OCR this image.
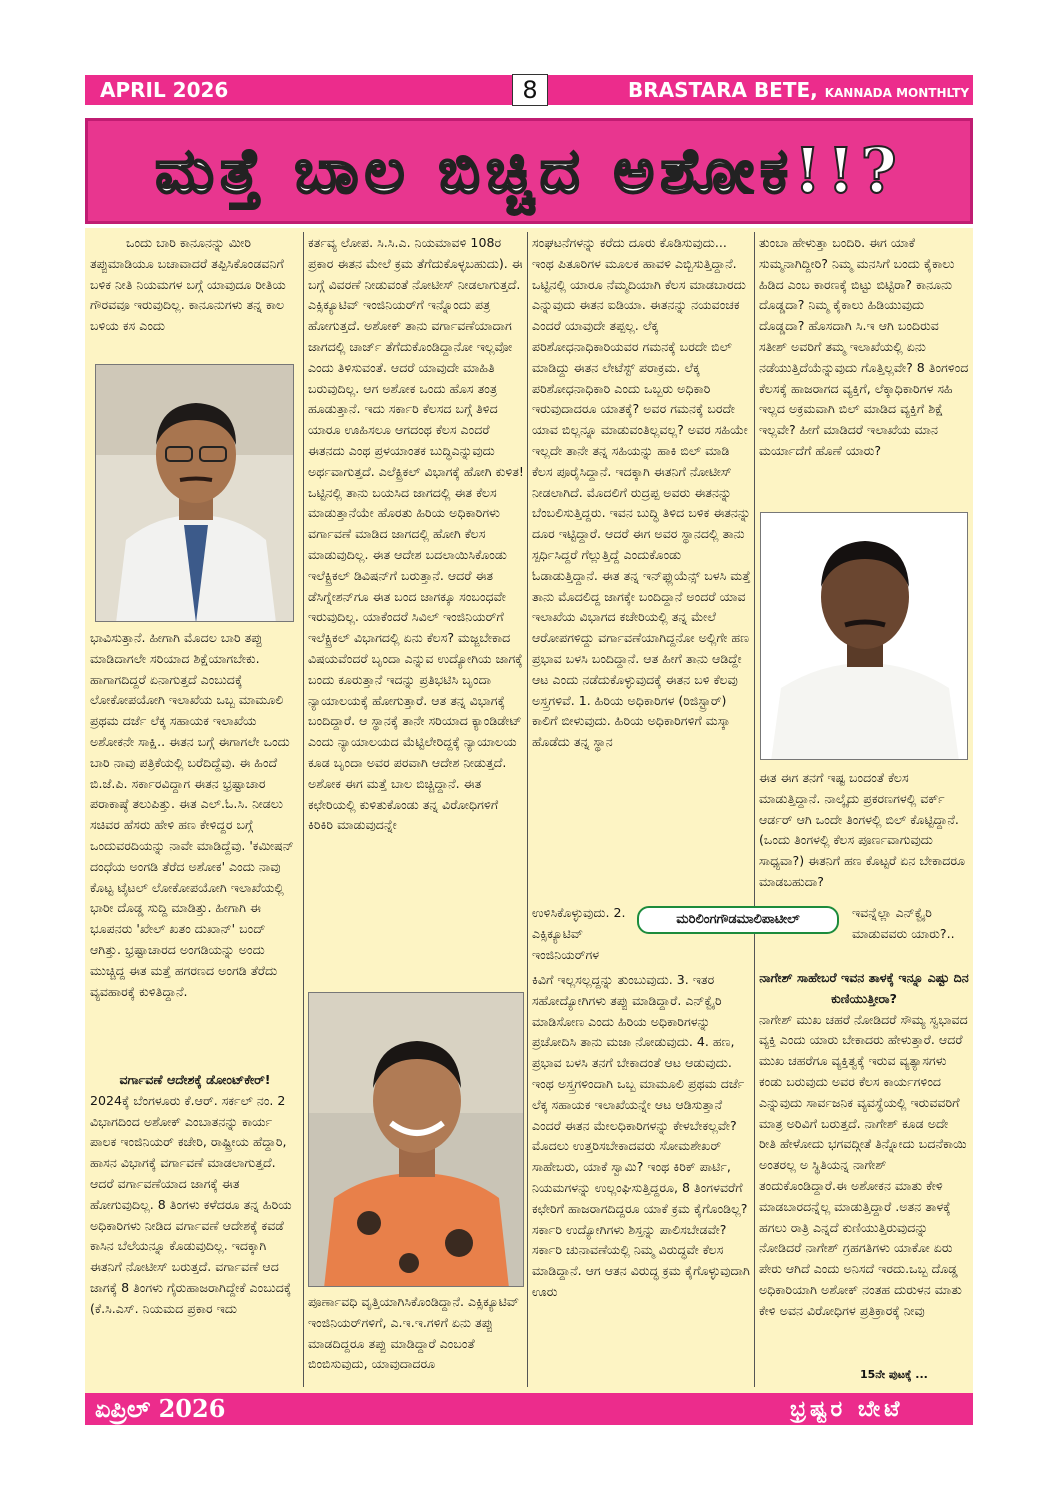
APRIL 2026	8	BRASTARA BETE, KANNADA MONTHLTY
ಮತ್ತೆ ಬಾಲ ಬಿಚ್ಚಿದ ಅಶೋಕ!!?

ಒಂದು ಬಾರಿ ಕಾನೂನನ್ನು ಮೀರಿ ತಪ್ಪುಮಾಡಿಯೂ ಬಚಾವಾದರೆ ತಪ್ಪಿಸಿಕೊಂಡವನಿಗೆ ಬಳಿಕ ನೀತಿ ನಿಯಮಗಳ ಬಗ್ಗೆ ಯಾವುದೂ ರೀತಿಯ ಗೌರವವೂ ಇರುವುದಿಲ್ಲ. ಕಾನೂನುಗಳು ತನ್ನ ಕಾಲ ಬಳಿಯ ಕಸ ಎಂದು

ಭಾವಿಸುತ್ತಾನೆ. ಹೀಗಾಗಿ ಮೊದಲ ಬಾರಿ ತಪ್ಪು ಮಾಡಿದಾಗಲೇ ಸರಿಯಾದ ಶಿಕ್ಷೆಯಾಗಬೇಕು. ಹಾಗಾಗದಿದ್ದರೆ ಏನಾಗುತ್ತದೆ ಎಂಬುದಕ್ಕೆ ಲೋಕೋಪಯೋಗಿ ಇಲಾಖೆಯ ಒಬ್ಬ ಮಾಮೂಲಿ ಪ್ರಥಮ ದರ್ಜೆ ಲೆಕ್ಕ ಸಹಾಯಕ ಇಲಾಖೆಯ ಅಶೋಕನೇ ಸಾಕ್ಷಿ.. ಈತನ ಬಗ್ಗೆ ಈಗಾಗಲೇ ಒಂದು ಬಾರಿ ನಾವು ಪತ್ರಿಕೆಯಲ್ಲಿ ಬರೆದಿದ್ದೆವು. ಈ ಹಿಂದೆ ಬಿ.ಜೆ.ಪಿ. ಸರ್ಕಾರವಿದ್ದಾಗ ಈತನ ಭ್ರಷ್ಟಾಚಾರ ಪರಾಕಾಷ್ಠೆ ತಲುಪಿತ್ತು. ಈತ ಎಲ್.ಓ.ಸಿ. ನೀಡಲು ಸಚಿವರ ಹೆಸರು ಹೇಳಿ ಹಣ ಕೇಳಿದ್ದರ ಬಗ್ಗೆ ಒಂದುವರದಿಯನ್ನು ನಾವೇ ಮಾಡಿದ್ದೆವು. 'ಕಮೀಷನ್ ದಂಧೆಯ ಅಂಗಡಿ ತೆರೆದ ಅಶೋಕ' ಎಂದು ನಾವು ಕೊಟ್ಟ ಟೈಟಲ್ ಲೋಕೋಪಯೋಗಿ ಇಲಾಖೆಯಲ್ಲಿ ಭಾರೀ ದೊಡ್ಡ ಸುದ್ದಿ ಮಾಡಿತ್ತು. ಹೀಗಾಗಿ ಈ ಭೂಪನರು 'ಖೇಲ್ ಖತಂ ದುಖಾನ್' ಬಂದ್ ಆಗಿತ್ತು. ಭ್ರಷ್ಟಾಚಾರದ ಅಂಗಡಿಯನ್ನು ಅಂದು ಮುಚ್ಚಿದ್ದ ಈತ ಮತ್ತೆ ಹಗರಣದ ಅಂಗಡಿ ತೆರೆದು ವ್ಯವಹಾರಕ್ಕೆ ಕುಳಿತಿದ್ದಾನೆ.

ವರ್ಗಾವಣೆ ಆದೇಶಕ್ಕೆ ಡೋಂಟ್‌ಕೇರ್!

2024ಕ್ಕೆ ಬೆಂಗಳೂರು ಕೆ.ಆರ್. ಸರ್ಕಲ್ ನಂ. 2 ವಿಭಾಗದಿಂದ ಅಶೋಕ್ ಎಂಬಾತನನ್ನು ಕಾರ್ಯ ಪಾಲಕ ಇಂಜಿನಿಯರ್ ಕಚೇರಿ, ರಾಷ್ಟ್ರೀಯ ಹೆದ್ದಾರಿ, ಹಾಸನ ವಿಭಾಗಕ್ಕೆ ವರ್ಗಾವಣೆ ಮಾಡಲಾಗುತ್ತದೆ. ಆದರೆ ವರ್ಗಾವಣೆಯಾದ ಜಾಗಕ್ಕೆ ಈತ ಹೋಗುವುದಿಲ್ಲ. 8 ತಿಂಗಳು ಕಳೆದರೂ ತನ್ನ ಹಿರಿಯ ಅಧಿಕಾರಿಗಳು ನೀಡಿದ ವರ್ಗಾವಣೆ ಆದೇಶಕ್ಕೆ ಕವಡೆ ಕಾಸಿನ ಬೆಲೆಯನ್ನೂ ಕೊಡುವುದಿಲ್ಲ. ಇದಕ್ಕಾಗಿ ಈತನಿಗೆ ನೋಟೀಸ್ ಬರುತ್ತದೆ. ವರ್ಗಾವಣೆ ಆದ ಜಾಗಕ್ಕೆ 8 ತಿಂಗಳು ಗೈರುಹಾಜರಾಗಿದ್ದೇಕೆ ಎಂಬುದಕ್ಕೆ (ಕೆ.ಸಿ.ಎಸ್. ನಿಯಮದ ಪ್ರಕಾರ ಇದು

ಕರ್ತವ್ಯ ಲೋಪ. ಸಿ.ಸಿ.ಎ. ನಿಯಮಾವಳಿ 108ರ ಪ್ರಕಾರ ಈತನ ಮೇಲೆ ಕ್ರಮ ತೆಗೆದುಕೊಳ್ಳಬಹುದು). ಈ ಬಗ್ಗೆ ವಿವರಣೆ ನೀಡುವಂತೆ ನೋಟೀಸ್ ನೀಡಲಾಗುತ್ತದೆ. ಎಕ್ಸಿಕ್ಯೂಟಿವ್ ಇಂಜಿನಿಯರ್‌ಗೆ ಇನ್ನೊಂದು ಪತ್ರ ಹೋಗುತ್ತದೆ. ಅಶೋಕ್ ತಾನು ವರ್ಗಾವಣೆಯಾದಾಗ ಜಾಗದಲ್ಲಿ ಚಾರ್ಜ್ ತೆಗೆದುಕೊಂಡಿದ್ದಾನೋ ಇಲ್ಲವೋ ಎಂದು ತಿಳಿಸುವಂತೆ. ಆದರೆ ಯಾವುದೇ ಮಾಹಿತಿ ಬರುವುದಿಲ್ಲ. ಆಗ ಅಶೋಕ ಒಂದು ಹೊಸ ತಂತ್ರ ಹೂಡುತ್ತಾನೆ. ಇದು ಸರ್ಕಾರಿ ಕೆಲಸದ ಬಗ್ಗೆ ತಿಳಿದ ಯಾರೂ ಊಹಿಸಲೂ ಆಗದಂಥ ಕೆಲಸ ಎಂದರೆ ಈತನದು ಎಂಥ ಪ್ರಳಯಾಂತಕ ಬುದ್ಧಿಎನ್ನುವುದು ಅರ್ಥವಾಗುತ್ತದೆ. ಎಲೆಕ್ಟ್ರಿಕಲ್ ವಿಭಾಗಕ್ಕೆ ಹೋಗಿ ಕುಳಿತ! ಒಟ್ಟಿನಲ್ಲಿ ತಾನು ಬಯಸಿದ ಜಾಗದಲ್ಲಿ ಈತ ಕೆಲಸ ಮಾಡುತ್ತಾನೆಯೇ ಹೊರತು ಹಿರಿಯ ಅಧಿಕಾರಿಗಳು ವರ್ಗಾವಣೆ ಮಾಡಿದ ಜಾಗದಲ್ಲಿ ಹೋಗಿ ಕೆಲಸ ಮಾಡುವುದಿಲ್ಲ. ಈತ ಆದೇಶ ಬದಲಾಯಿಸಿಕೊಂಡು ಇಲೆಕ್ಟ್ರಿಕಲ್ ಡಿವಿಷನ್‌ಗೆ ಬರುತ್ತಾನೆ. ಆದರೆ ಈತ ಡೆಸಿಗ್ನೇಶನ್‌ಗೂ ಈತ ಬಂದ ಜಾಗಕ್ಕೂ ಸಂಬಂಧವೇ ಇರುವುದಿಲ್ಲ. ಯಾಕೆಂದರೆ ಸಿವಿಲ್ ಇಂಜಿನಿಯರ್‌ಗೆ ಇಲೆಕ್ಟ್ರಿಕಲ್ ವಿಭಾಗದಲ್ಲಿ ಏನು ಕೆಲಸ? ಮಜ್ಜಬೇಕಾದ ವಿಷಯವೆಂದರೆ ಬೃಂದಾ ಎನ್ನುವ ಉದ್ಯೋಗಿಯ ಜಾಗಕ್ಕೆ ಬಂದು ಕೂರುತ್ತಾನೆ ಇದನ್ನು ಪ್ರತಿಭಟಿಸಿ ಬೃಂದಾ ನ್ಯಾಯಾಲಯಕ್ಕೆ ಹೋಗುತ್ತಾರೆ. ಆತ ತನ್ನ ವಿಭಾಗಕ್ಕೆ ಬಂದಿದ್ದಾರೆ. ಆ ಸ್ಥಾನಕ್ಕೆ ತಾನೇ ಸರಿಯಾದ ಕ್ಯಾಂಡಿಡೇಟ್ ಎಂದು ನ್ಯಾಯಾಲಯದ ಮೆಟ್ಟಿಲೇರಿದ್ದಕ್ಕೆ ನ್ಯಾಯಾಲಯ ಕೂಡ ಬೃಂದಾ ಅವರ ಪರವಾಗಿ ಆದೇಶ ನೀಡುತ್ತದೆ. ಅಶೋಕ ಈಗ ಮತ್ತೆ ಬಾಲ ಬಿಚ್ಚಿದ್ದಾನೆ. ಈತ ಕಛೇರಿಯಲ್ಲಿ ಕುಳಿತುಕೊಂಡು ತನ್ನ ವಿರೋಧಿಗಳಿಗೆ ಕಿರಿಕಿರಿ ಮಾಡುವುದನ್ನೇ

ಪೂರ್ಣಾವಧಿ ವೃತ್ತಿಯಾಗಿಸಿಕೊಂಡಿದ್ದಾನೆ. ಎಕ್ಸಿಕ್ಯೂಟಿವ್ ಇಂಜಿನಿಯರ್‌ಗಳಿಗೆ, ಎ.ಇ.ಇ.ಗಳಿಗೆ ಏನು ತಪ್ಪು ಮಾಡದಿದ್ದರೂ ತಪ್ಪು ಮಾಡಿದ್ದಾರೆ ಎಂಬಂತೆ ಬಿಂಬಿಸುವುದು, ಯಾವುದಾದರೂ

ಸಂಘಟನೆಗಳನ್ನು ಕರೆದು ದೂರು ಕೊಡಿಸುವುದು... ಇಂಥ ಪಿತೂರಿಗಳ ಮೂಲಕ ಹಾವಳಿ ಎಬ್ಬಿಸುತ್ತಿದ್ದಾನೆ. ಒಟ್ಟಿನಲ್ಲಿ ಯಾರೂ ನೆಮ್ಮದಿಯಾಗಿ ಕೆಲಸ ಮಾಡಬಾರದು ಎನ್ನುವುದು ಈತನ ಐಡಿಯಾ. ಈತನನ್ನು ನಯವಂಚಕ ಎಂದರೆ ಯಾವುದೇ ತಪ್ಪಲ್ಲ. ಲೆಕ್ಕ ಪರಿಶೋಧನಾಧಿಕಾರಿಯವರ ಗಮನಕ್ಕೆ ಬರದೇ ಬಿಲ್ ಮಾಡಿದ್ದು ಈತನ ಲೇಟೆಸ್ಟ್ ಪರಾಕ್ರಮ. ಲೆಕ್ಕ ಪರಿಶೋಧನಾಧಿಕಾರಿ ಎಂದು ಒಬ್ಬರು ಅಧಿಕಾರಿ ಇರುವುದಾದರೂ ಯಾತಕ್ಕೆ? ಅವರ ಗಮನಕ್ಕೆ ಬರದೇ ಯಾವ ಬಿಲ್ಲನ್ನೂ ಮಾಡುವಂತಿಲ್ಲವಲ್ಲ? ಅವರ ಸಹಿಯೇ ಇಲ್ಲದೇ ತಾನೇ ತನ್ನ ಸಹಿಯನ್ನು ಹಾಕಿ ಬಿಲ್ ಮಾಡಿ ಕೆಲಸ ಪೂರೈಸಿದ್ದಾನೆ. ಇದಕ್ಕಾಗಿ ಈತನಿಗೆ ನೋಟೀಸ್ ನೀಡಲಾಗಿದೆ. ಮೊದಲಿಗೆ ರುದ್ರಪ್ಪ ಅವರು ಈತನನ್ನು ಬೆಂಬಲಿಸುತ್ತಿದ್ದರು. ಇವನ ಬುದ್ಧಿ ತಿಳಿದ ಬಳಿಕ ಈತನನ್ನು ದೂರ ಇಟ್ಟಿದ್ದಾರೆ. ಆದರೆ ಈಗ ಅವರ ಸ್ಥಾನದಲ್ಲಿ ತಾನು ಸ್ಪರ್ಧಿಸಿದ್ದರೆ ಗೆಲ್ಲುತ್ತಿದ್ದೆ ಎಂದುಕೊಂಡು ಓಡಾಡುತ್ತಿದ್ದಾನೆ. ಈತ ತನ್ನ ಇನ್‌ಫ್ಲುಯೆನ್ಸ್ ಬಳಸಿ ಮತ್ತೆ ತಾನು ಮೊದಲಿದ್ದ ಜಾಗಕ್ಕೇ ಬಂದಿದ್ದಾನೆ ಅಂದರೆ ಯಾವ ಇಲಾಖೆಯ ವಿಭಾಗದ ಕಚೇರಿಯಲ್ಲಿ ತನ್ನ ಮೇಲೆ ಆರೋಪಗಳಿದ್ದು ವರ್ಗಾವಣೆಯಾಗಿದ್ದನೋ ಅಲ್ಲಿಗೇ ಹಣ ಪ್ರಭಾವ ಬಳಸಿ ಬಂದಿದ್ದಾನೆ. ಆತ ಹೀಗೆ ತಾನು ಆಡಿದ್ದೇ ಆಟ ಎಂದು ನಡೆದುಕೊಳ್ಳುವುದಕ್ಕೆ ಈತನ ಬಳಿ ಕೆಲವು ಅಸ್ತ್ರಗಳಿವೆ. 1. ಹಿರಿಯ ಅಧಿಕಾರಿಗಳ (ರಿಜಿಸ್ಟ್ರಾರ್) ಕಾಲಿಗೆ ಬೀಳುವುದು. ಹಿರಿಯ ಅಧಿಕಾರಿಗಳಿಗೆ ಮಸ್ಕಾ ಹೊಡೆದು ತನ್ನ ಸ್ಥಾನ

ಉಳಿಸಿಕೊಳ್ಳುವುದು. 2. ಎಕ್ಸಿಕ್ಯೂಟಿವ್ ಇಂಜಿನಿಯರ್‌ಗಳ

ಮರಿಲಿಂಗಗೌಡಮಾಲಿಪಾಟೀಲ್

ಕಿವಿಗೆ ಇಲ್ಲಸಲ್ಲದ್ದನ್ನು ತುಂಬುವುದು. 3. ಇತರ ಸಹೋದ್ಯೋಗಿಗಳು ತಪ್ಪು ಮಾಡಿದ್ದಾರೆ. ಎನ್‌ಕ್ವೈರಿ ಮಾಡಿಸೋಣ ಎಂದು ಹಿರಿಯ ಅಧಿಕಾರಿಗಳನ್ನು ಪ್ರಚೋದಿಸಿ ತಾನು ಮಜಾ ನೋಡುವುದು. 4. ಹಣ, ಪ್ರಭಾವ ಬಳಸಿ ತನಗೆ ಬೇಕಾದಂತೆ ಆಟ ಆಡುವುದು. ಇಂಥ ಅಸ್ತ್ರಗಳಿಂದಾಗಿ ಒಬ್ಬ ಮಾಮೂಲಿ ಪ್ರಥಮ ದರ್ಜೆ ಲೆಕ್ಕ ಸಹಾಯಕ ಇಲಾಖೆಯನ್ನೇ ಆಟ ಆಡಿಸುತ್ತಾನೆ ಎಂದರೆ ಈತನ ಮೇಲಧಿಕಾರಿಗಳನ್ನು ಕೇಳಬೇಕಲ್ಲವೇ? ಮೊದಲು ಉತ್ತರಿಸಬೇಕಾದವರು ಸೋಮಶೇಖರ್ ಸಾಹೇಬರು, ಯಾಕೆ ಸ್ವಾಮಿ? ಇಂಥ ಕಿರಿಕ್ ಪಾರ್ಟಿ, ನಿಯಮಗಳನ್ನು ಉಲ್ಲಂಘಿಸುತ್ತಿದ್ದರೂ, 8 ತಿಂಗಳವರೆಗೆ ಕಛೇರಿಗೆ ಹಾಜರಾಗದಿದ್ದರೂ ಯಾಕೆ ಕ್ರಮ ಕೈಗೊಂಡಿಲ್ಲ? ಸರ್ಕಾರಿ ಉದ್ಯೋಗಿಗಳು ಶಿಸ್ತನ್ನು ಪಾಲಿಸಬೇಡವೇ? ಸರ್ಕಾರಿ ಚುನಾವಣೆಯಲ್ಲಿ ನಿಮ್ಮ ವಿರುದ್ಧವೇ ಕೆಲಸ ಮಾಡಿದ್ದಾನೆ. ಆಗ ಆತನ ವಿರುದ್ಧ ಕ್ರಮ ಕೈಗೊಳ್ಳುವುದಾಗಿ ಊರು

ತುಂಬಾ ಹೇಳುತ್ತಾ ಬಂದಿರಿ. ಈಗ ಯಾಕೆ ಸುಮ್ಮನಾಗಿದ್ದೀರಿ? ನಿಮ್ಮ ಮನಸಿಗೆ ಬಂದು ಕೈಕಾಲು ಹಿಡಿದ ಎಂಬ ಕಾರಣಕ್ಕೆ ಬಿಟ್ಟು ಬಿಟ್ಟಿರಾ? ಕಾನೂನು ದೊಡ್ಡದಾ? ನಿಮ್ಮ ಕೈಕಾಲು ಹಿಡಿಯುವುದು ದೊಡ್ಡದಾ? ಹೊಸದಾಗಿ ಸಿ.ಇ ಆಗಿ ಬಂದಿರುವ ಸತೀಶ್ ಅವರಿಗೆ ತಮ್ಮ ಇಲಾಖೆಯಲ್ಲಿ ಏನು ನಡೆಯುತ್ತಿದೆಯೆನ್ನುವುದು ಗೊತ್ತಿಲ್ಲವೇ? 8 ತಿಂಗಳಿಂದ ಕೆಲಸಕ್ಕೆ ಹಾಜರಾಗದ ವ್ಯಕ್ತಿಗೆ, ಲೆಕ್ಕಾಧಿಕಾರಿಗಳ ಸಹಿ ಇಲ್ಲದ ಅಕ್ರಮವಾಗಿ ಬಿಲ್ ಮಾಡಿದ ವ್ಯಕ್ತಿಗೆ ಶಿಕ್ಷೆ ಇಲ್ಲವೇ? ಹೀಗೆ ಮಾಡಿದರೆ ಇಲಾಖೆಯ ಮಾನ ಮರ್ಯಾದೆಗೆ ಹೊಣೆ ಯಾರು?

ಈತ ಈಗ ತನಗೆ ಇಷ್ಟ ಬಂದಂತೆ ಕೆಲಸ ಮಾಡುತ್ತಿದ್ದಾನೆ. ನಾಲ್ಕೈದು ಪ್ರಕರಣಗಳಲ್ಲಿ ವರ್ಕ್ ಆರ್ಡರ್ ಆಗಿ ಒಂದೇ ತಿಂಗಳಲ್ಲಿ ಬಿಲ್ ಕೊಟ್ಟಿದ್ದಾನೆ. (ಒಂದು ತಿಂಗಳಲ್ಲಿ ಕೆಲಸ ಪೂರ್ಣವಾಗುವುದು ಸಾಧ್ಯವಾ?) ಈತನಿಗೆ ಹಣ ಕೊಟ್ಟರೆ ಏನ ಬೇಕಾದರೂ ಮಾಡಬಹುದಾ?

ಇವನ್ನೆಲ್ಲಾ ಎನ್‌ಕ್ವೈರಿ ಮಾಡುವವರು ಯಾರು?..

ನಾಗೇಶ್ ಸಾಹೇಬರೆ ಇವನ ತಾಳಕ್ಕೆ ಇನ್ನೂ ಎಷ್ಟು ದಿನ ಕುಣಿಯುತ್ತೀರಾ?

ನಾಗೇಶ್ ಮುಖ ಚಹರೆ ನೋಡಿದರೆ ಸೌಮ್ಯ ಸ್ವಭಾವದ ವ್ಯಕ್ತಿ ಎಂದು ಯಾರು ಬೇಕಾದರು ಹೇಳುತ್ತಾರೆ. ಆದರೆ ಮುಖ ಚಹರೆಗೂ ವ್ಯಕ್ತಿತ್ವಕ್ಕೆ ಇರುವ ವ್ಯತ್ಯಾಸಗಳು ಕಂಡು ಬರುವುದು ಅವರ ಕೆಲಸ ಕಾರ್ಯಗಳಿಂದ ಎನ್ನುವುದು ಸಾರ್ವಜನಿಕ ವ್ಯವಸ್ಥೆಯಲ್ಲಿ ಇರುವವರಿಗೆ ಮಾತ್ರ ಅರಿವಿಗೆ ಬರುತ್ತದೆ. ನಾಗೇಶ್ ಕೂಡ ಅದೇ ರೀತಿ ಹೇಳೋದು ಭಗವದ್ಗೀತೆ ತಿನ್ನೋದು ಬದನೆಕಾಯಿ ಅಂತರಲ್ಲ ಅ ಸ್ಥಿತಿಯನ್ನ ನಾಗೇಶ್ ತಂದುಕೊಂಡಿದ್ದಾರೆ.ಈ ಅಶೋಕನ ಮಾತು ಕೇಳಿ ಮಾಡಬಾರದನ್ನೆಲ್ಲ ಮಾಡುತ್ತಿದ್ದಾರೆ .ಅತನ ತಾಳಕ್ಕೆ ಹಗಲು ರಾತ್ರಿ ಎನ್ನದೆ ಕುಣಿಯುತ್ತಿರುವುದನ್ನು ನೋಡಿದರೆ ನಾಗೇಶ್ ಗ್ರಹಗತಿಗಳು ಯಾಕೋ ಏರು ಪೇರು ಆಗಿದೆ ಎಂದು ಅನಿಸದೆ ಇರದು.ಒಬ್ಬ ದೊಡ್ಡ ಅಧಿಕಾರಿಯಾಗಿ ಅಶೋಕ್ ನಂತಹ ದುರುಳನ ಮಾತು ಕೇಳಿ ಅವನ ವಿರೋಧಿಗಳ ಪ್ರತಿಕ್ರಾರಕ್ಕೆ ನೀವು

15ನೇ ಪುಟಕ್ಕೆ ...
ಏಪ್ರಿಲ್ 2026	ಭ್ರಷ್ಟರ ಬೇಟೆ
